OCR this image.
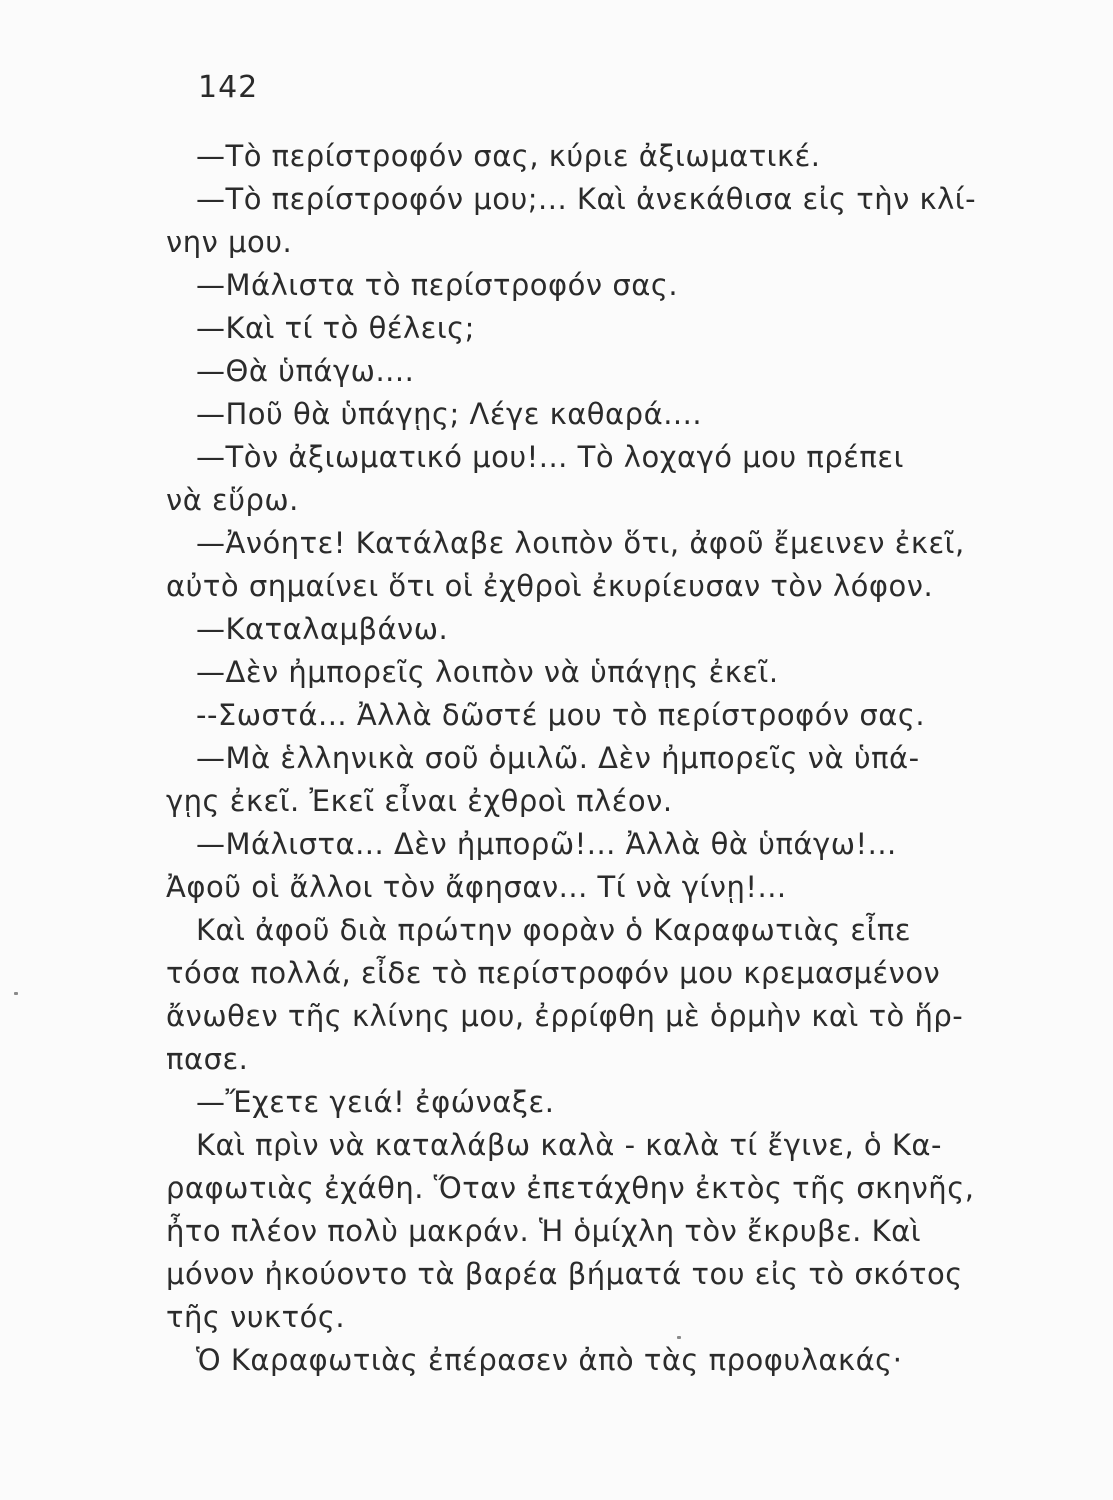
142
—Τὸ περίστροφόν σας, κύριε ἀξιωματικέ.
—Τὸ περίστροφόν μου;... Καὶ ἀνεκάθισα εἰς τὴν κλί-
νην μου.
—Μάλιστα τὸ περίστροφόν σας.
—Καὶ τί τὸ θέλεις;
—Θὰ ὑπάγω....
—Ποῦ θὰ ὑπάγῃς; Λέγε καθαρά....
—Τὸν ἀξιωματικό μου!... Τὸ λοχαγό μου πρέπει
νὰ εὕρω.
—Ἀνόητε! Κατάλαβε λοιπὸν ὅτι, ἀφοῦ ἔμεινεν ἐκεῖ,
αὐτὸ σημαίνει ὅτι οἱ ἐχθροὶ ἐκυρίευσαν τὸν λόφον.
—Καταλαμβάνω.
—Δὲν ἠμπορεῖς λοιπὸν νὰ ὑπάγῃς ἐκεῖ.
--Σωστά... Ἀλλὰ δῶστέ μου τὸ περίστροφόν σας.
—Μὰ ἑλληνικὰ σοῦ ὁμιλῶ. Δὲν ἠμπορεῖς νὰ ὑπά-
γῃς ἐκεῖ. Ἐκεῖ εἶναι ἐχθροὶ πλέον.
—Μάλιστα... Δὲν ἠμπορῶ!... Ἀλλὰ θὰ ὑπάγω!...
Ἀφοῦ οἱ ἄλλοι τὸν ἄφησαν... Τί νὰ γίνῃ!...
Καὶ ἀφοῦ διὰ πρώτην φορὰν ὁ Καραφωτιὰς εἶπε
τόσα πολλά, εἶδε τὸ περίστροφόν μου κρεμασμένον
ἄνωθεν τῆς κλίνης μου, ἐρρίφθη μὲ ὁρμὴν καὶ τὸ ἥρ-
πασε.
—Ἔχετε γειά! ἐφώναξε.
Καὶ πρὶν νὰ καταλάβω καλὰ - καλὰ τί ἔγινε, ὁ Κα-
ραφωτιὰς ἐχάθη. Ὅταν ἐπετάχθην ἐκτὸς τῆς σκηνῆς,
ἦτο πλέον πολὺ μακράν. Ἡ ὁμίχλη τὸν ἔκρυβε. Καὶ
μόνον ἠκούοντο τὰ βαρέα βήματά του εἰς τὸ σκότος
τῆς νυκτός.
Ὁ Καραφωτιὰς ἐπέρασεν ἀπὸ τὰς προφυλακάς·
